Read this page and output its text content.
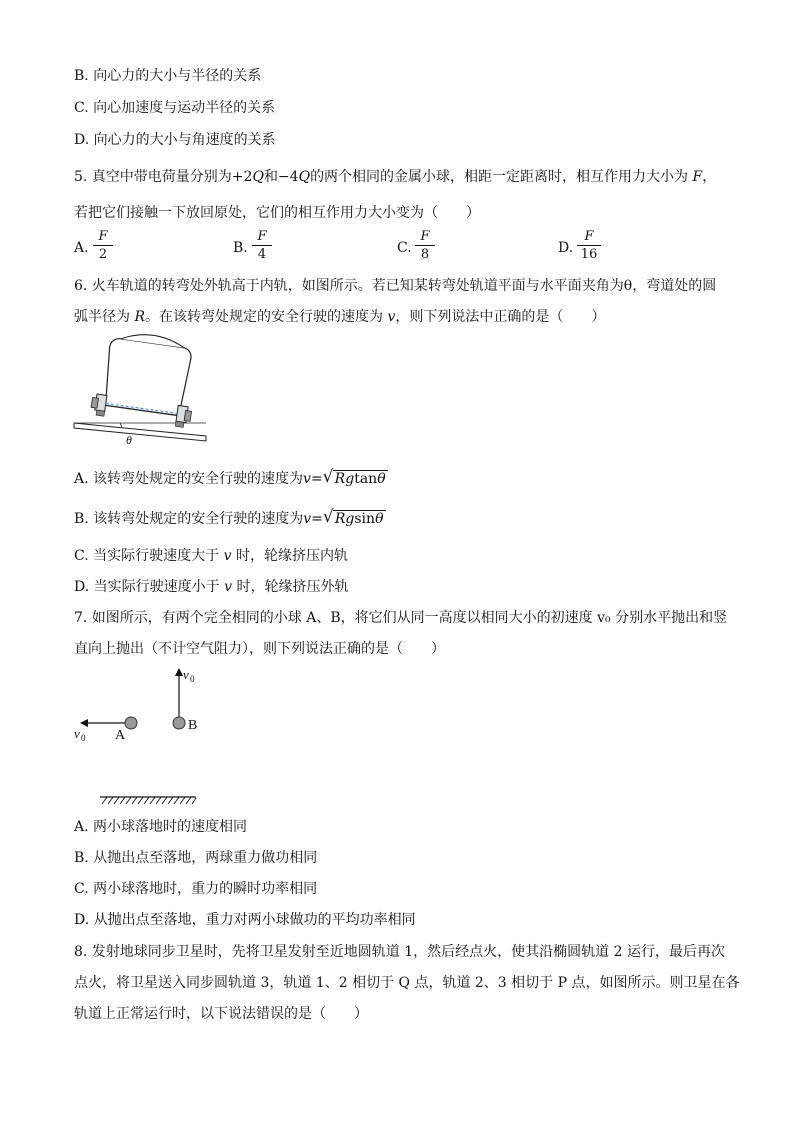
B. 向心力的大小与半径的关系
C. 向心加速度与运动半径的关系
D. 向心力的大小与角速度的关系
5. 真空中带电荷量分别为+2Q和−4Q的两个相同的金属小球，相距一定距离时，相互作用力大小为 F，
若把它们接触一下放回原处，它们的相互作用力大小变为（　　）
A.
F
2	B.
F
4	C.
F
8	D.
F
16
6. 火车轨道的转弯处外轨高于内轨，如图所示。若已知某转弯处轨道平面与水平面夹角为θ，弯道处的圆
弧半径为 R。在该转弯处规定的安全行驶的速度为 v，则下列说法中正确的是（　　）
θ
A. 该转弯处规定的安全行驶的速度为v= √ Rgtanθ
B. 该转弯处规定的安全行驶的速度为v= √ Rgsinθ
C. 当实际行驶速度大于 v 时，轮缘挤压内轨
D. 当实际行驶速度小于 v 时，轮缘挤压外轨
7. 如图所示，有两个完全相同的小球 A、B，将它们从同一高度以相同大小的初速度 v₀ 分别水平抛出和竖
直向上抛出（不计空气阻力），则下列说法正确的是（　　）
v 0 A
v 0
B
A. 两小球落地时的速度相同
B. 从抛出点至落地，两球重力做功相同
C. 两小球落地时，重力的瞬时功率相同
D. 从抛出点至落地，重力对两小球做功的平均功率相同
8. 发射地球同步卫星时，先将卫星发射至近地圆轨道 1，然后经点火，使其沿椭圆轨道 2 运行，最后再次
点火，将卫星送入同步圆轨道 3，轨道 1、2 相切于 Q 点，轨道 2、3 相切于 P 点，如图所示。则卫星在各
轨道上正常运行时，以下说法错误的是（　　）
